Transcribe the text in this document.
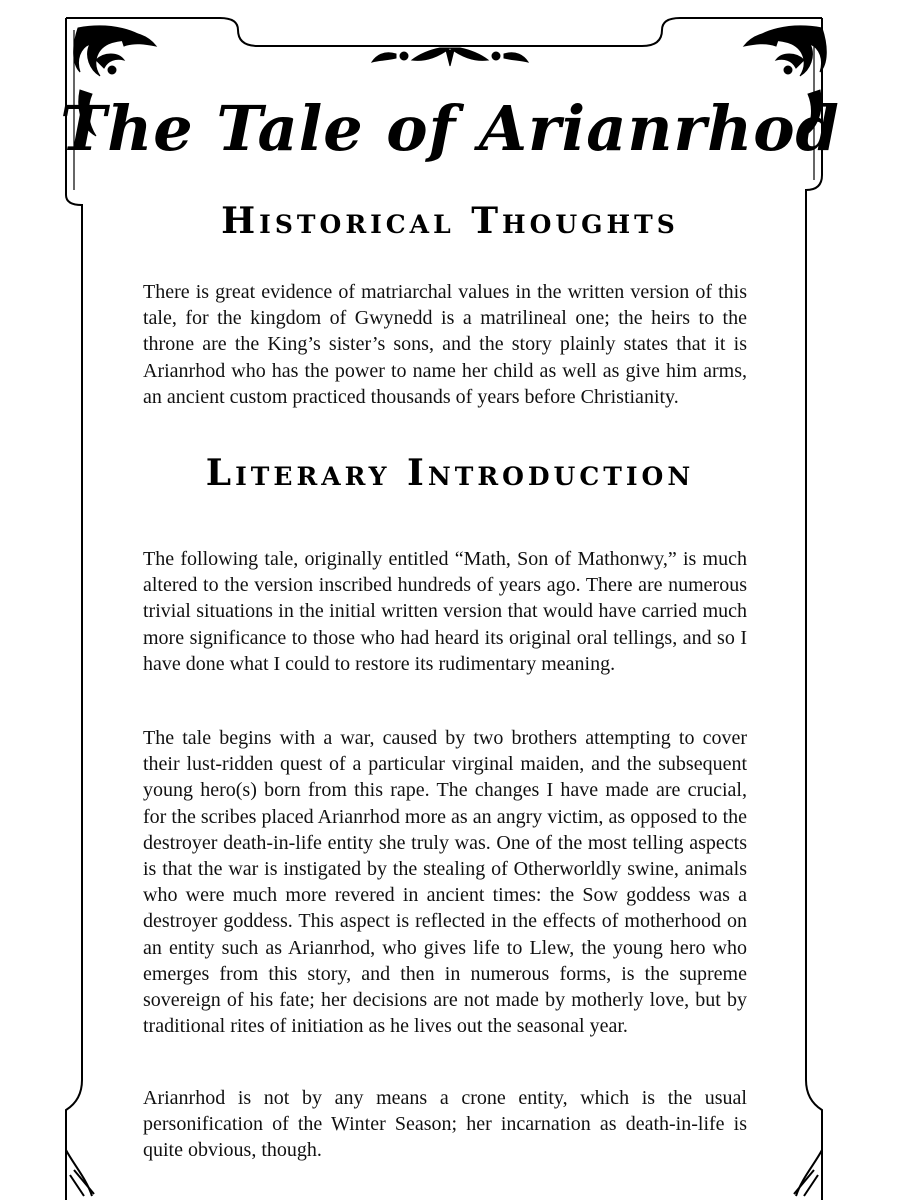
The Tale of Arianrhod
Historical Thoughts

There is great evidence of matriarchal values in the written version of this tale, for the kingdom of Gwynedd is a matrilineal one; the heirs to the throne are the King’s sister’s sons, and the story plainly states that it is Arianrhod who has the power to name her child as well as give him arms, an ancient custom practiced thousands of years before Christianity.

Literary Introduction

The following tale, originally entitled “Math, Son of Mathonwy,” is much altered to the version inscribed hundreds of years ago. There are numerous trivial situations in the initial written version that would have carried much more significance to those who had heard its original oral tellings, and so I have done what I could to restore its rudimentary meaning.

The tale begins with a war, caused by two brothers attempting to cover their lust-ridden quest of a particular virginal maiden, and the subsequent young hero(s) born from this rape. The changes I have made are crucial, for the scribes placed Arianrhod more as an angry victim, as opposed to the destroyer death-in-life entity she truly was. One of the most telling aspects is that the war is instigated by the stealing of Otherworldly swine, animals who were much more revered in ancient times: the Sow goddess was a destroyer goddess. This aspect is reflected in the effects of motherhood on an entity such as Arianrhod, who gives life to Llew, the young hero who emerges from this story, and then in numerous forms, is the supreme sovereign of his fate; her decisions are not made by motherly love, but by traditional rites of initiation as he lives out the seasonal year.

Arianrhod is not by any means a crone entity, which is the usual personification of the Winter Season; her incarnation as death-in-life is quite obvious, though.
